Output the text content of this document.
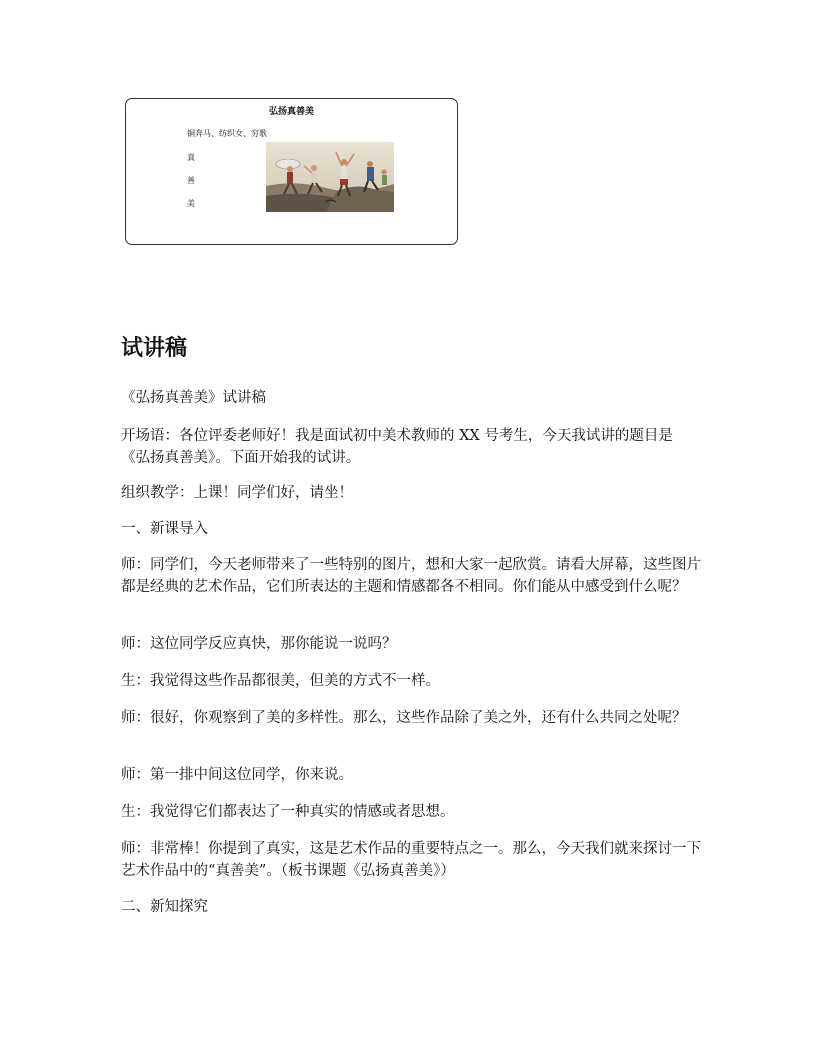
弘扬真善美
铜奔马、纺织女、穷歌
真
善
美
试讲稿

《弘扬真善美》试讲稿

开场语：各位评委老师好！我是面试初中美术教师的 XX 号考生，今天我试讲的题目是《弘扬真善美》。下面开始我的试讲。

组织教学：上课！同学们好，请坐！

一、新课导入

师：同学们，今天老师带来了一些特别的图片，想和大家一起欣赏。请看大屏幕，这些图片都是经典的艺术作品，它们所表达的主题和情感都各不相同。你们能从中感受到什么呢？

师：这位同学反应真快，那你能说一说吗？

生：我觉得这些作品都很美，但美的方式不一样。

师：很好，你观察到了美的多样性。那么，这些作品除了美之外，还有什么共同之处呢？

师：第一排中间这位同学，你来说。

生：我觉得它们都表达了一种真实的情感或者思想。

师：非常棒！你提到了真实，这是艺术作品的重要特点之一。那么，今天我们就来探讨一下艺术作品中的“真善美”。（板书课题《弘扬真善美》）

二、新知探究
